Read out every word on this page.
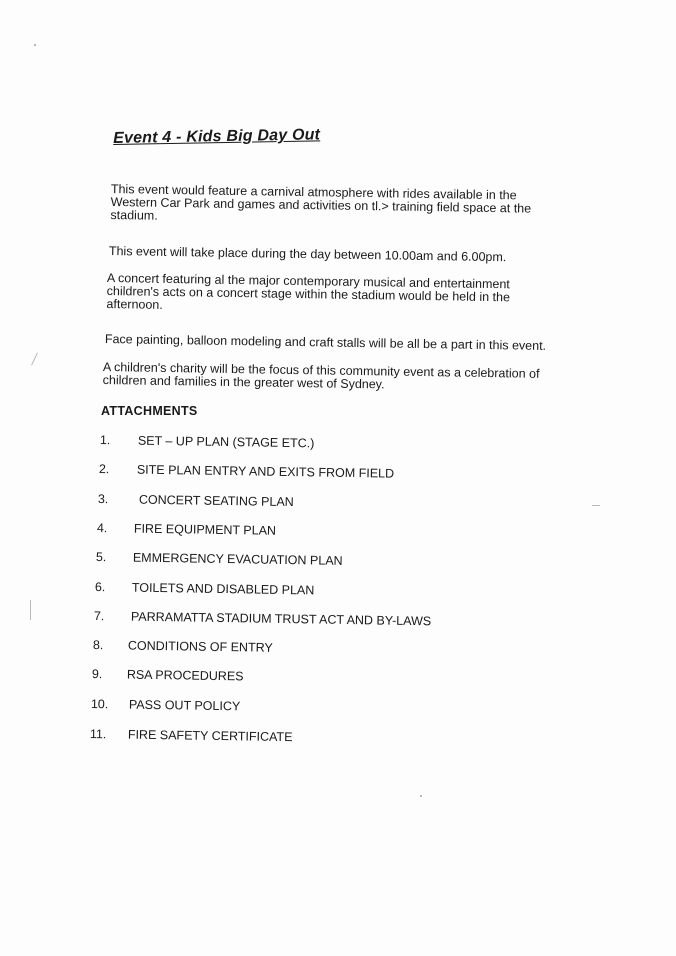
Event 4 - Kids Big Day Out
This event would feature a carnival atmosphere with rides available in the Western Car Park and games and activities on tl.˃ training field space at the stadium.
This event will take place during the day between 10.00am and 6.00pm.
A concert featuring al the major contemporary musical and entertainment children's acts on a concert stage within the stadium would be held in the afternoon.
Face painting, balloon modeling and craft stalls will be all be a part in this event.
A children's charity will be the focus of this community event as a celebration of children and families in the greater west of Sydney.
ATTACHMENTS
1. SET – UP PLAN (STAGE ETC.)
2. SITE PLAN ENTRY AND EXITS FROM FIELD
3. CONCERT SEATING PLAN
4. FIRE EQUIPMENT PLAN
5. EMMERGENCY EVACUATION PLAN
6. TOILETS AND DISABLED PLAN
7. PARRAMATTA STADIUM TRUST ACT AND BY-LAWS
8. CONDITIONS OF ENTRY
9. RSA PROCEDURES
10. PASS OUT POLICY
11. FIRE SAFETY CERTIFICATE
